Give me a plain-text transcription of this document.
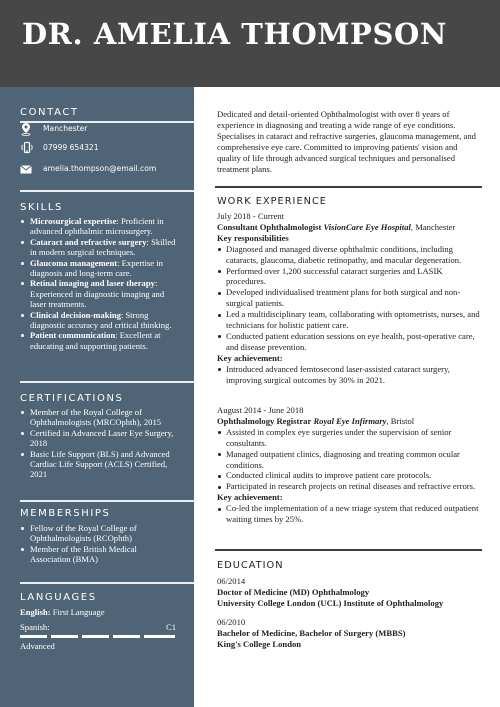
DR. AMELIA THOMPSON
CONTACT
Manchester
07999 654321
amelia.thompson@email.com
SKILLS
Microsurgical expertise: Proficient in advanced ophthalmic microsurgery.
Cataract and refractive surgery: Skilled in modern surgical techniques.
Glaucoma management: Expertise in diagnosis and long-term care.
Retinal imaging and laser therapy: Experienced in diagnostic imaging and laser treatments.
Clinical decision-making: Strong diagnostic accuracy and critical thinking.
Patient communication: Excellent at educating and supporting patients.
CERTIFICATIONS
Member of the Royal College of Ophthalmologists (MRCOphth), 2015
Certified in Advanced Laser Eye Surgery, 2018
Basic Life Support (BLS) and Advanced Cardiac Life Support (ACLS) Certified, 2021
MEMBERSHIPS
Fellow of the Royal College of Ophthalmologists (RCOphth)
Member of the British Medical Association (BMA)
LANGUAGES
English: First Language
Spanish:	C1
Advanced
Dedicated and detail-oriented Ophthalmologist with over 8 years of experience in diagnosing and treating a wide range of eye conditions. Specialises in cataract and refractive surgeries, glaucoma management, and comprehensive eye care. Committed to improving patients' vision and quality of life through advanced surgical techniques and personalised treatment plans.
WORK EXPERIENCE
July 2018 - Current
Consultant Ophthalmologist VisionCare Eye Hospital, Manchester
Key responsibilities
Diagnosed and managed diverse ophthalmic conditions, including cataracts, glaucoma, diabetic retinopathy, and macular degeneration.
Performed over 1,200 successful cataract surgeries and LASIK procedures.
Developed individualised treatment plans for both surgical and non-surgical patients.
Led a multidisciplinary team, collaborating with optometrists, nurses, and technicians for holistic patient care.
Conducted patient education sessions on eye health, post-operative care, and disease prevention.
Key achievement:
Introduced advanced femtosecond laser-assisted cataract surgery, improving surgical outcomes by 30% in 2021.
August 2014 - June 2018
Ophthalmology Registrar Royal Eye Infirmary, Bristol
Assisted in complex eye surgeries under the supervision of senior consultants.
Managed outpatient clinics, diagnosing and treating common ocular conditions.
Conducted clinical audits to improve patient care protocols.
Participated in research projects on retinal diseases and refractive errors.
Key achievement:
Co-led the implementation of a new triage system that reduced outpatient waiting times by 25%.
EDUCATION
06/2014
Doctor of Medicine (MD) Ophthalmology
University College London (UCL) Institute of Ophthalmology
06/2010
Bachelor of Medicine, Bachelor of Surgery (MBBS)
King's College London
